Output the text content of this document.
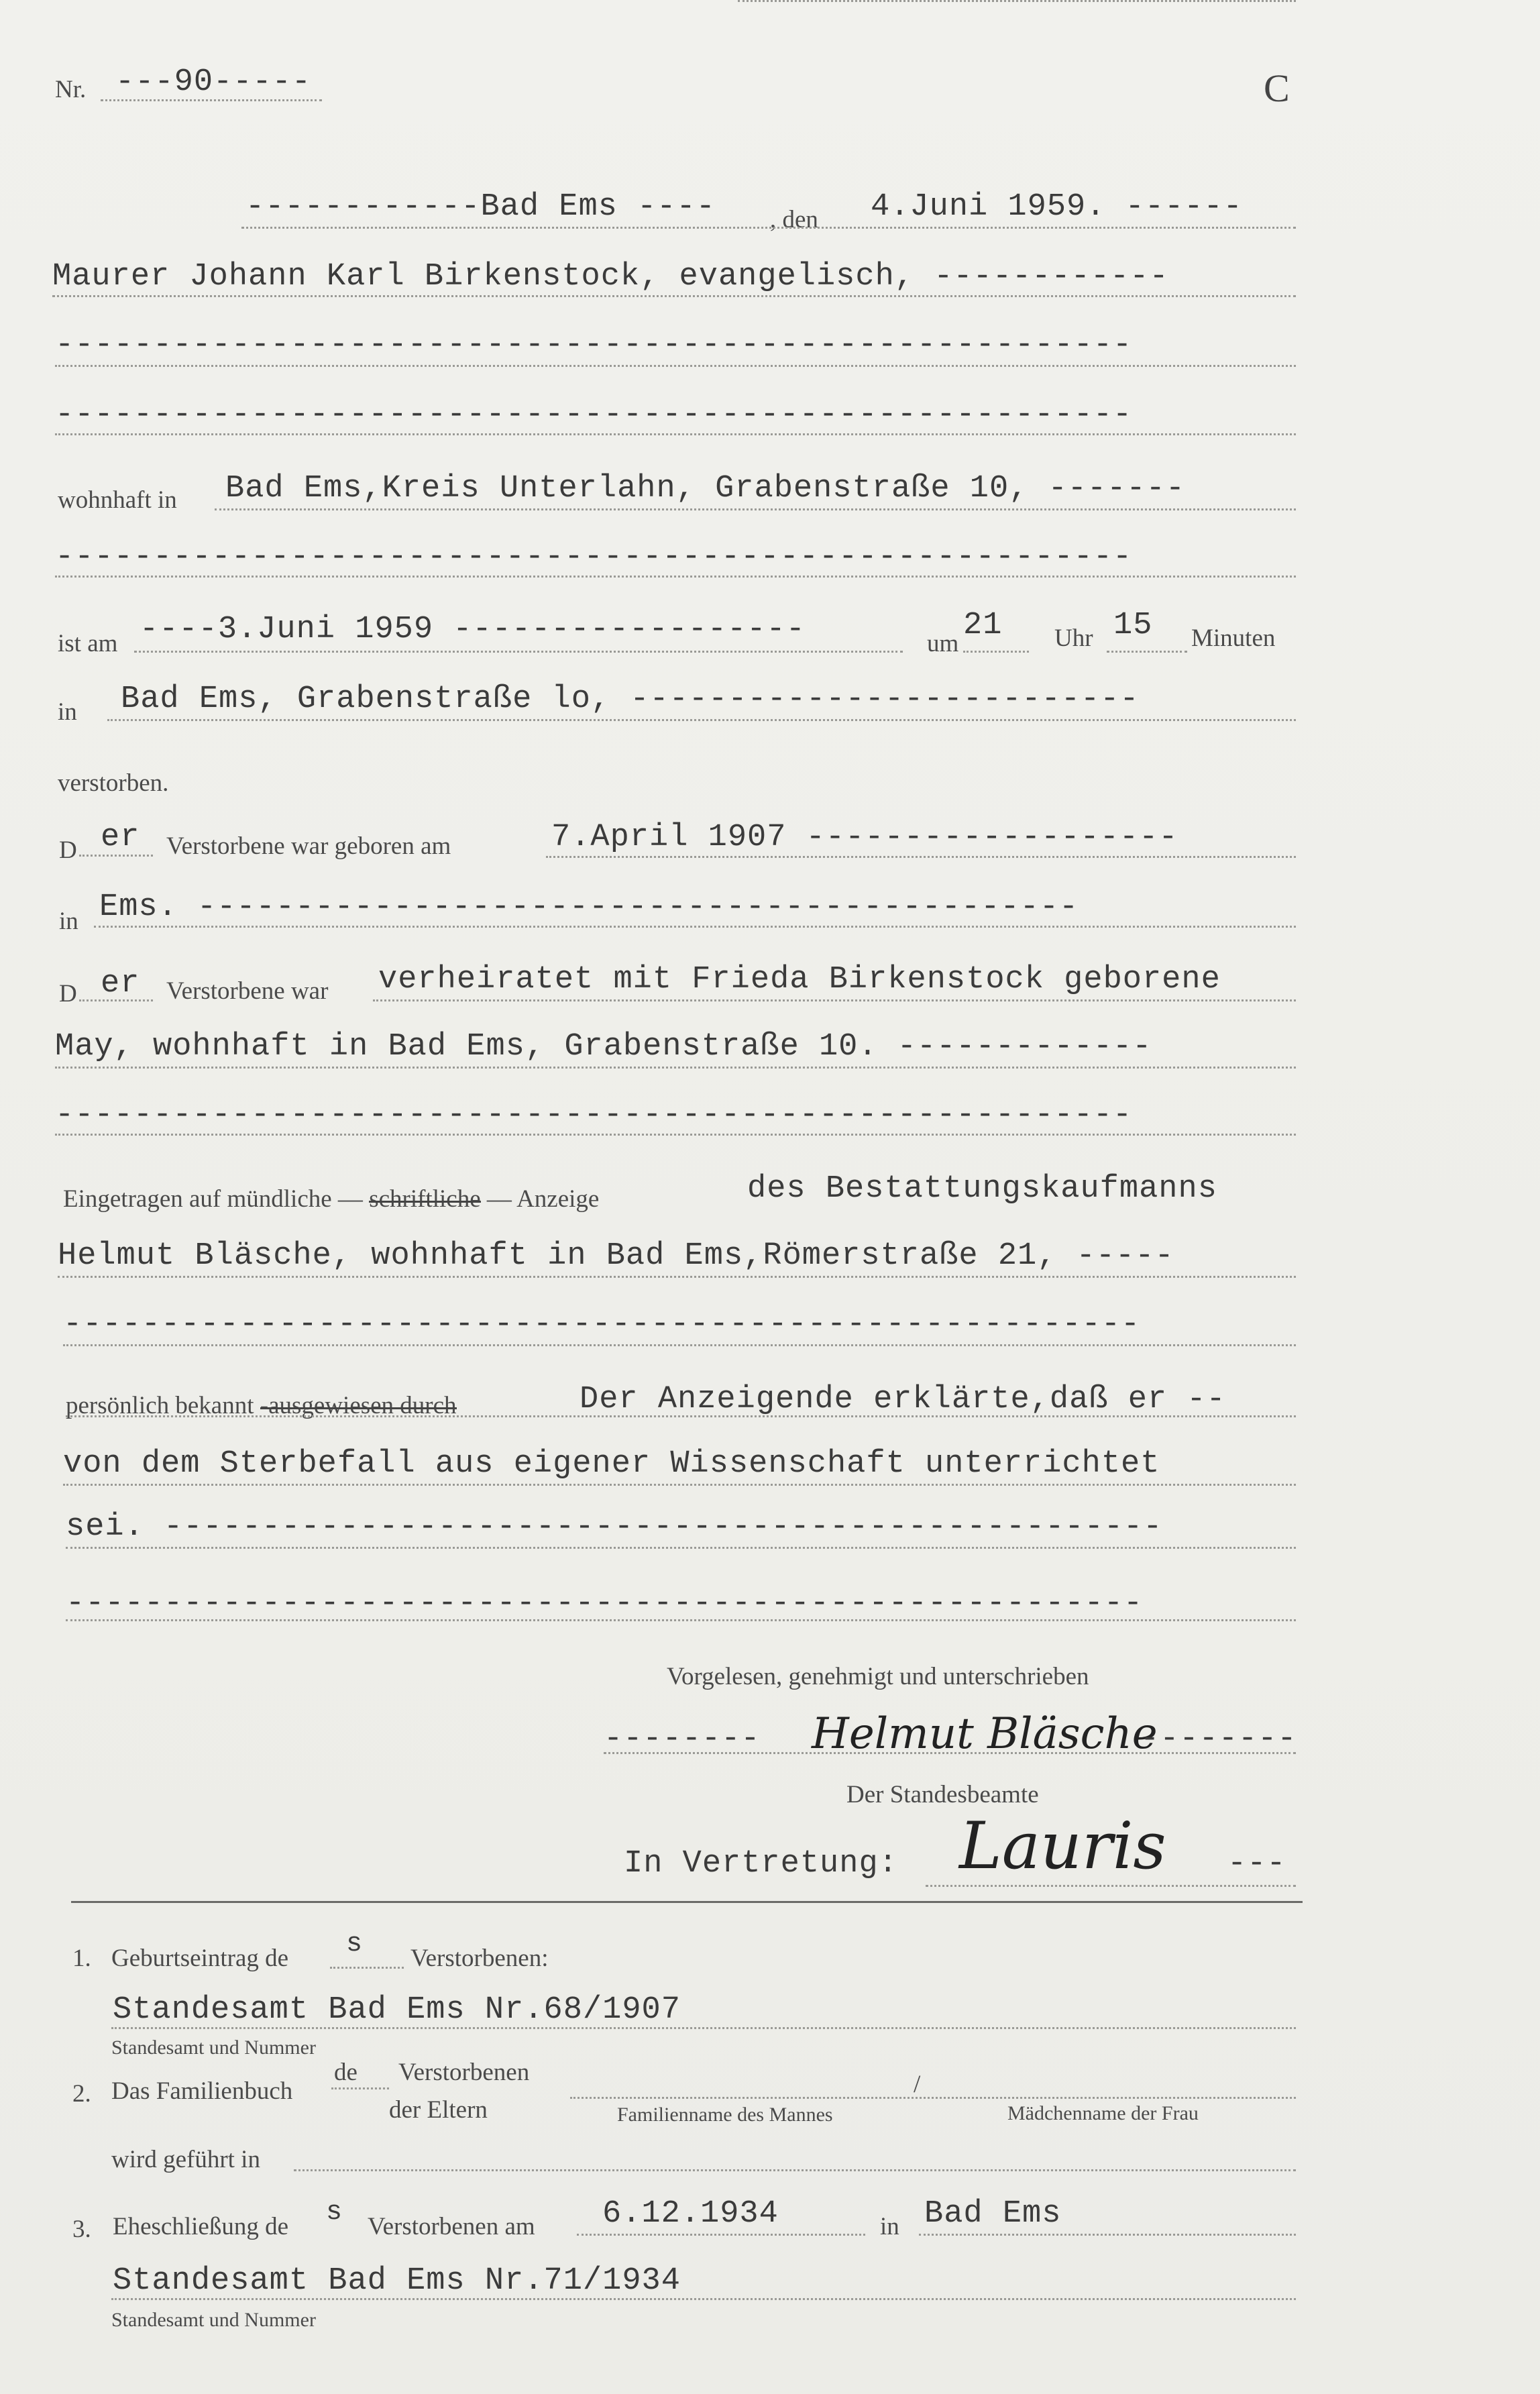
Nr. ---90-----	C
------------Bad Ems ---- , den 4.Juni 1959. ------
Maurer Johann Karl Birkenstock, evangelisch, ------------
-------------------------------------------------------
-------------------------------------------------------
wohnhaft in Bad Ems,Kreis Unterlahn, Grabenstraße 10, -------
-------------------------------------------------------
ist am ----3.Juni 1959 ------------------	um
21 Uhr 15 Minuten
in Bad Ems, Grabenstraße lo, --------------------------
verstorben.
D er Verstorbene war geboren am	7.April 1907 -------------------
in Ems. ---------------------------------------------
D er Verstorbene war verheiratet mit Frieda Birkenstock geborene
May, wohnhaft in Bad Ems, Grabenstraße 10. -------------
-------------------------------------------------------
Eingetragen auf mündliche — schriftliche — Anzeige	des Bestattungskaufmanns
Helmut Bläsche, wohnhaft in Bad Ems,Römerstraße 21, -----
-------------------------------------------------------
persönlich bekannt -ausgewiesen durch	Der Anzeigende erklärte,daß er --
von dem Sterbefall aus eigener Wissenschaft unterrichtet
sei. ---------------------------------------------------
-------------------------------------------------------
Vorgelesen, genehmigt und unterschrieben
-------- Helmut Bläsche
--------
Der Standesbeamte
In Vertretung: Lauris ---
1. Geburtseintrag de s Verstorbenen:
Standesamt Bad Ems Nr.68/1907
Standesamt und Nummer
2. Das Familienbuch
de Verstorbenen
der Eltern
/
Familienname des Mannes	Mädchenname der Frau
wird geführt in
3. Eheschließung de s Verstorbenen am 6.12.1934	in Bad Ems
Standesamt Bad Ems Nr.71/1934
Standesamt und Nummer
